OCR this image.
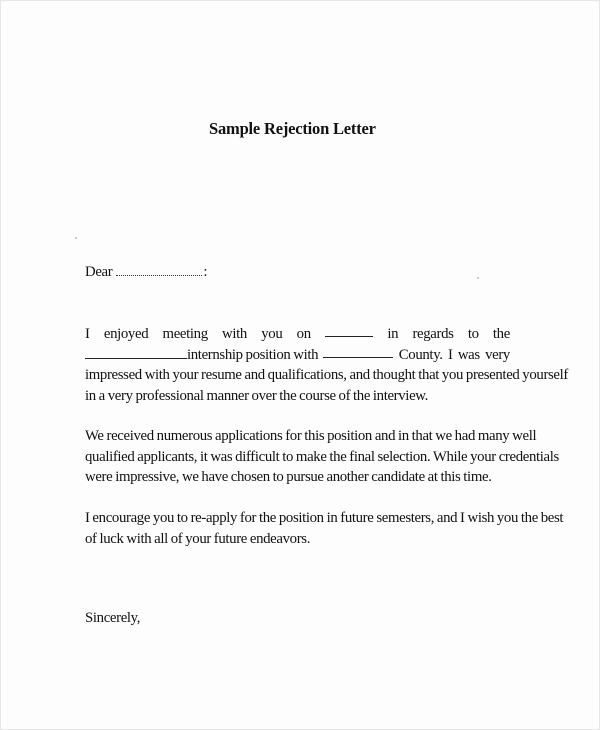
Sample Rejection Letter
Dear	:
I enjoyed meeting with you on	in regards to the
internship position with	County. I was very
impressed with your resume and qualifications, and thought that you presented yourself
in a very professional manner over the course of the interview.
We received numerous applications for this position and in that we had many well
qualified applicants, it was difficult to make the final selection. While your credentials
were impressive, we have chosen to pursue another candidate at this time.
I encourage you to re-apply for the position in future semesters, and I wish you the best
of luck with all of your future endeavors.
Sincerely,
